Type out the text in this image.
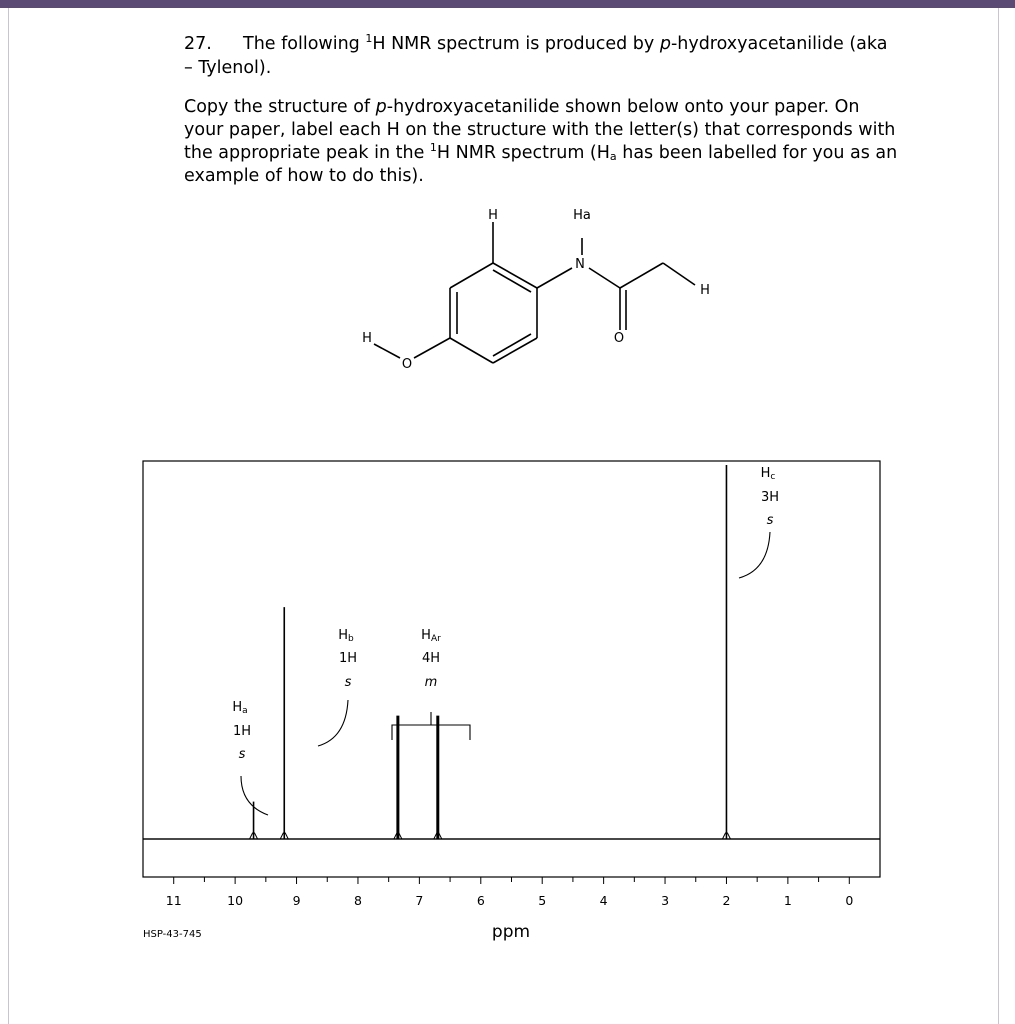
27. The following $^1$H NMR spectrum is produced by p-hydroxyacetanilide (aka
– Tylenol).
Copy the structure of p-hydroxyacetanilide shown below onto your paper. On your paper, label each H on the structure with the letter(s) that corresponds with the appropriate peak in the $^1$H NMR spectrum ($H_a$ has been labelled for you as an example of how to do this).
H	Ha
N
O
H
H
O
11	10	9	8	7	6	5	4	3	2	1	0
ppm
HSP-43-745
Ha
1H
s
Hb
1H
s
HAr
4H
m
Hc
3H
s
